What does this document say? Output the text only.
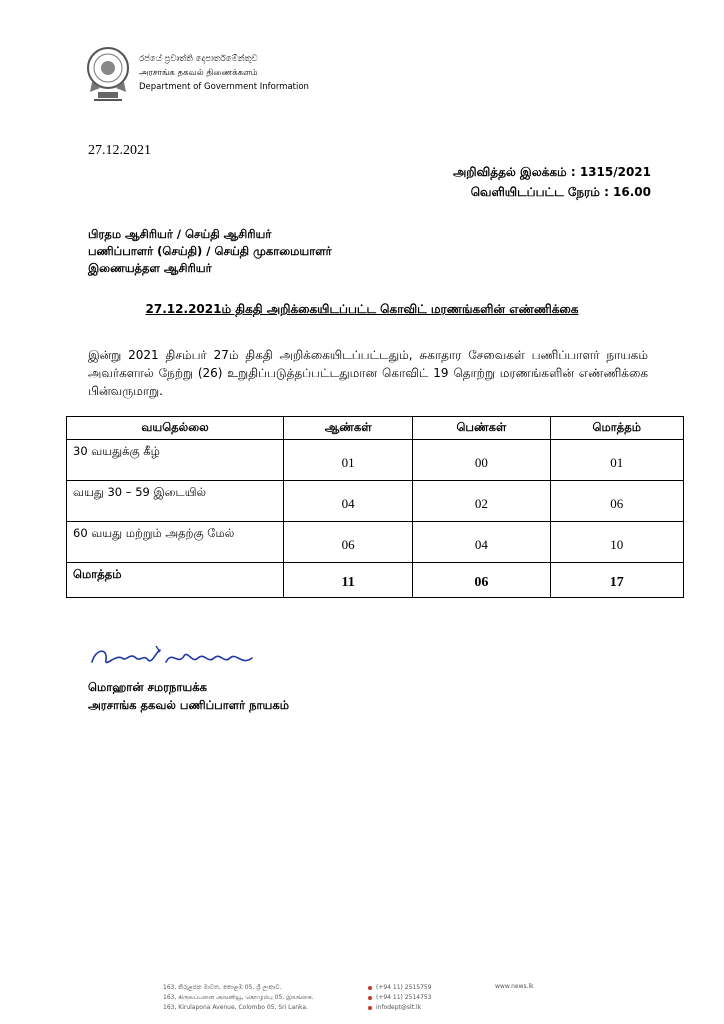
රජයේ ප්‍රවෘත්ති දෙපාර්තමේන්තුව
அரசாங்க தகவல் திணைக்களம்
Department of Government Information
27.12.2021
அறிவித்தல் இலக்கம் : 1315/2021
வெளியிடப்பட்ட நேரம் : 16.00
பிரதம ஆசிரியர் / செய்தி ஆசிரியர்
பணிப்பாளர் (செய்தி) / செய்தி முகாமையாளர்
இணையத்தள ஆசிரியர்
27.12.2021ம் திகதி அறிக்கையிடப்பட்ட கொவிட் மரணங்களின் எண்ணிக்கை
இன்று 2021 திசம்பர் 27ம் திகதி அறிக்கையிடப்பட்டதும், சுகாதார சேவைகள் பணிப்பாளர் நாயகம் அவர்களால் நேற்று (26) உறுதிப்படுத்தப்பட்டதுமான கொவிட் 19 தொற்று மரணங்களின் எண்ணிக்கை பின்வருமாறு.
வயதெல்லை	ஆண்கள்	பெண்கள்	மொத்தம்
30 வயதுக்கு கீழ்	01	00	01
வயது 30 – 59 இடையில்	04	02	06
60 வயது மற்றும் அதற்கு மேல்	06	04	10
மொத்தம்	11	06	17
மொஹான் சமரநாயக்க
அரசாங்க தகவல் பணிப்பாளர் நாயகம்
163, කිරුළපන මාවත, කොළඹ 05, ශ්‍රී ලංකාව.
163, கிருலப்பனை அவனியூ, கொழும்பு 05, இலங்கை.
163, Kirulapona Avenue, Colombo 05, Sri Lanka.
(+94 11) 2515759
(+94 11) 2514753
infodept@slt.lk
www.news.lk
